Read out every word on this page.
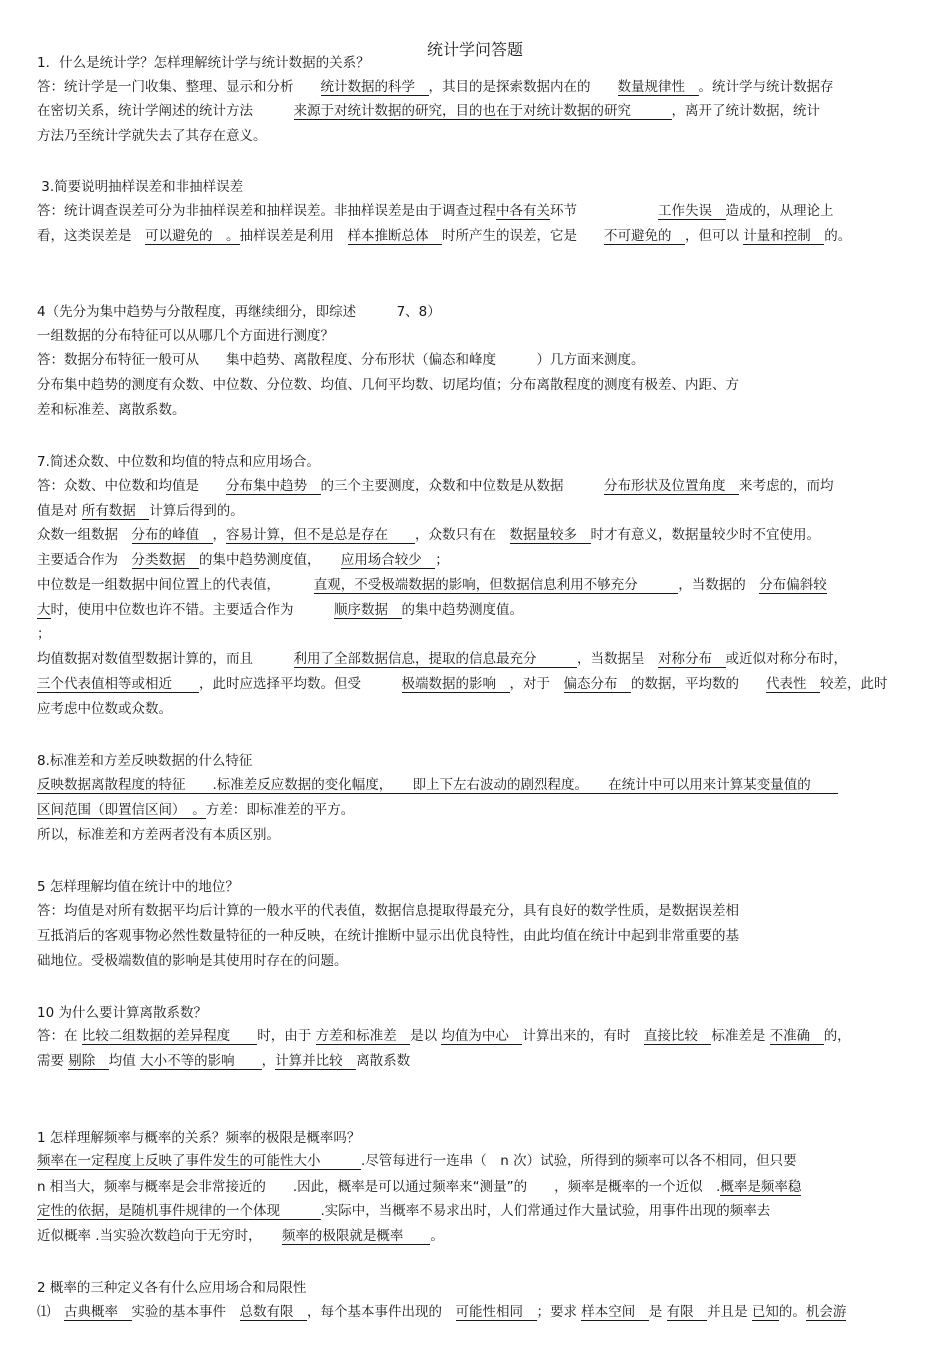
统计学问答题
1．什么是统计学？怎样理解统计学与统计数据的关系？
答：统计学是一门收集、整理、显示和分析　　统计数据的科学　，其目的是探索数据内在的　　数量规律性　。统计学与统计数据存
在密切关系，统计学阐述的统计方法　　　来源于对统计数据的研究，目的也在于对统计数据的研究　　　，离开了统计数据，统计
方法乃至统计学就失去了其存在意义。
3.简要说明抽样误差和非抽样误差
答：统计调查误差可分为非抽样误差和抽样误差。非抽样误差是由于调查过程中各有关环节　　　　　　工作失误　造成的，从理论上
看，这类误差是　可以避免的　。抽样误差是利用　样本推断总体　时所产生的误差，它是　　不可避免的　，但可以 计量和控制　的。
4（先分为集中趋势与分散程度，再继续细分，即综述　　　7、8）
一组数据的分布特征可以从哪几个方面进行测度？
答：数据分布特征一般可从　　集中趋势、离散程度、分布形状（偏态和峰度　　　）几方面来测度。
分布集中趋势的测度有众数、中位数、分位数、均值、几何平均数、切尾均值；分布离散程度的测度有极差、内距、方
差和标准差、离散系数。
7.简述众数、中位数和均值的特点和应用场合。
答：众数、中位数和均值是　　分布集中趋势　的三个主要测度，众数和中位数是从数据　　　分布形状及位置角度　来考虑的，而均
值是对 所有数据　计算后得到的。
众数一组数据　分布的峰值　，容易计算，但不是总是存在　　，众数只有在　数据量较多　时才有意义，数据量较少时不宜使用。
主要适合作为　分类数据　的集中趋势测度值，　　应用场合较少　；
中位数是一组数据中间位置上的代表值，　　　直观，不受极端数据的影响，但数据信息利用不够充分　　　，当数据的　分布偏斜较
大时，使用中位数也许不错。主要适合作为　　　顺序数据　的集中趋势测度值。
；
均值数据对数值型数据计算的，而且　　　利用了全部数据信息，提取的信息最充分　　　，当数据呈　对称分布　或近似对称分布时，
三个代表值相等或相近　　，此时应选择平均数。但受　　　极端数据的影响　，对于　偏态分布　的数据，平均数的　　代表性　较差，此时
应考虑中位数或众数。
8.标准差和方差反映数据的什么特征
反映数据离散程度的特征　　.标准差反应数据的变化幅度，　　即上下左右波动的剧烈程度。　　在统计中可以用来计算某变量值的　　
区间范围（即置信区间）　。方差：即标准差的平方。
所以，标准差和方差两者没有本质区别。
5 怎样理解均值在统计中的地位？
答：均值是对所有数据平均后计算的一般水平的代表值，数据信息提取得最充分，具有良好的数学性质，是数据误差相
互抵消后的客观事物必然性数量特征的一种反映，在统计推断中显示出优良特性，由此均值在统计中起到非常重要的基
础地位。受极端数值的影响是其使用时存在的问题。
10 为什么要计算离散系数？
答：在 比较二组数据的差异程度　　时，由于 方差和标准差　是以 均值为中心　计算出来的，有时　直接比较　标准差是 不准确　的，
需要 剔除　均值 大小不等的影响　　，计算并比较　离散系数
1 怎样理解频率与概率的关系？频率的极限是概率吗？
频率在一定程度上反映了事件发生的可能性大小　　　.尽管每进行一连串（　n 次）试验，所得到的频率可以各不相同，但只要
n 相当大，频率与概率是会非常接近的　　.因此，概率是可以通过频率来“测量”的　　，频率是概率的一个近似　.概率是频率稳
定性的依据，是随机事件规律的一个体现　　　.实际中，当概率不易求出时，人们常通过作大量试验，用事件出现的频率去
近似概率 .当实验次数趋向于无穷时，　　频率的极限就是概率　　。
2 概率的三种定义各有什么应用场合和局限性
⑴　古典概率　实验的基本事件　总数有限　，每个基本事件出现的　可能性相同　；要求 样本空间　是 有限　并且是 已知的。机会游
